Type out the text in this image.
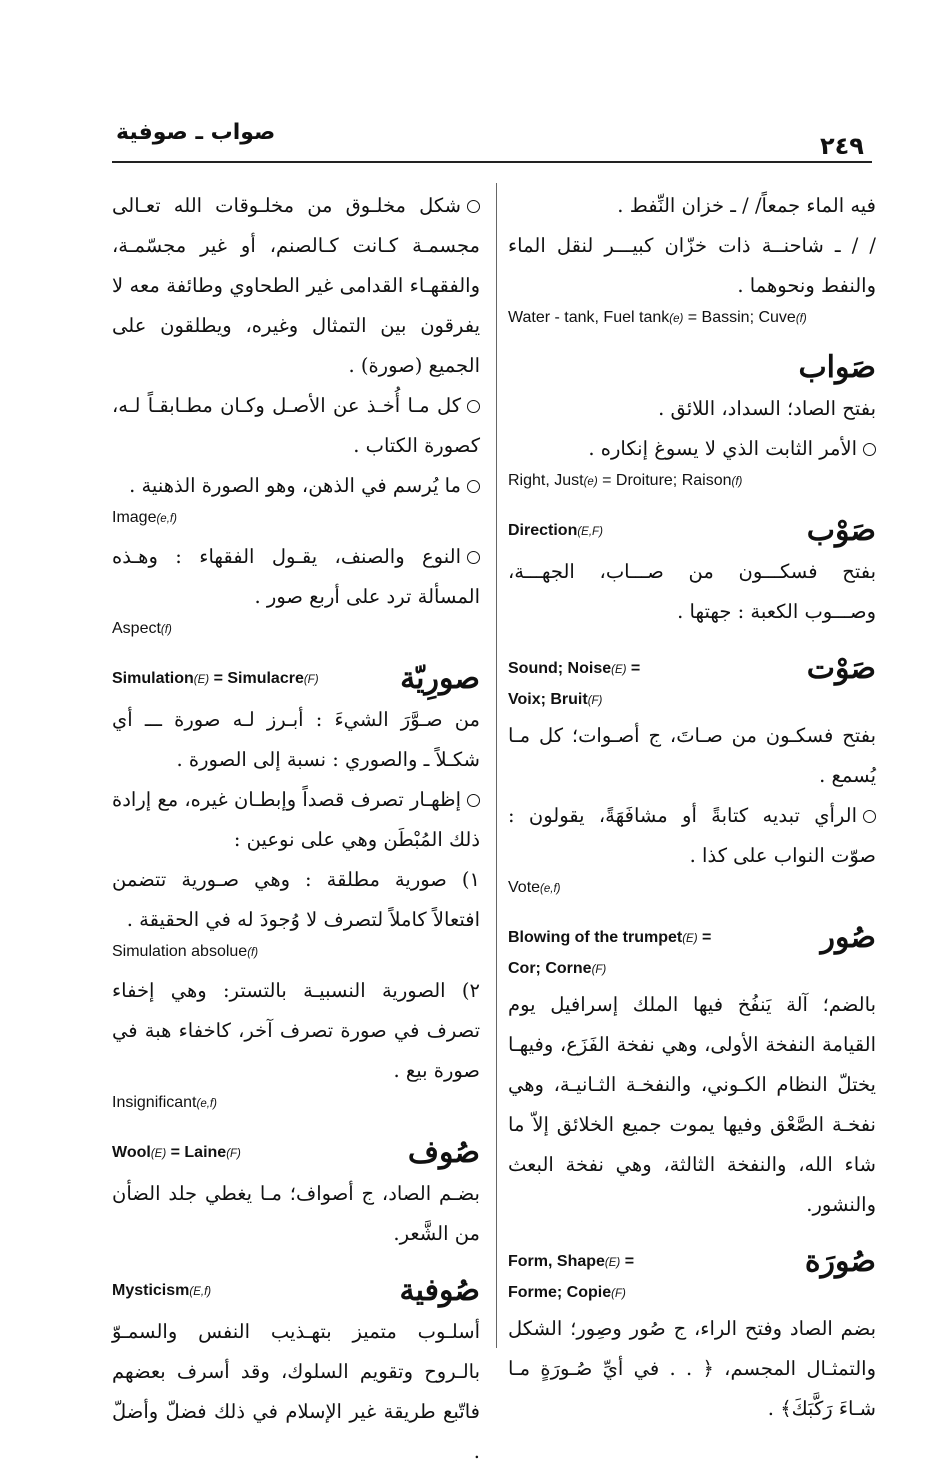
٢٤٩
صواب ـ صوفية

فيه الماء جمعاً/ / ـ خزان النِّفط .

/ / ـ شاحنــة ذات خزّان كبيـــر لنقل الماء والنفط ونحوهما .

Water - tank, Fuel tank(e) = Bassin; Cuve(f)

صَواب

بفتح الصاد؛ السداد، اللائق .

الأمر الثابت الذي لا يسوغ إنكاره .

Right, Just(e) = Droiture; Raison(f)

صَوْب
Direction(E,F)

بفتح فسكـــون من صـــاب، الجهـــة، وصـــوب الكعبة : جهتها .

صَوْت
Sound; Noise(E) =
Voix; Bruit(F)

بفتح فسكـون من صـاتَ، ج أصـوات؛ كل مـا يُسمع .

الرأي تبديه كتابةً أو مشافَهَةً، يقولون : صوّت النواب على كذا .

Vote(e,f)

صُور
Blowing of the trumpet(E) =
Cor; Corne(F)

بالضم؛ آلة يَنفُخ فيها الملك إسرافيل يوم القيامة النفخة الأولى، وهي نفخة الفَزَع، وفيهـا يختلّ النظام الكـوني، والنفخـة الثـانيـة، وهي نفخـة الصَّعْق وفيها يموت جميع الخلائق إلاّ ما شاء الله، والنفخة الثالثة، وهي نفخة البعث والنشور.

صُورَة
Form, Shape(E) =
Forme; Copie(F)

بضم الصاد وفتح الراء، ج صُور وصِور؛ الشكل والتمثـال المجسم، ﴿ . . في أيِّ صُـورَةٍ مـا شـاءَ رَكَّبَكَ﴾ .

شكل مخلـوق من مخلـوقات الله تعـالى مجسمـة كـانت كـالصنم، أو غير مجسّمـة، والفقهـاء القدامى غير الطحاوي وطائفة معه لا يفرقون بين التمثال وغيره، ويطلقون على الجميع (صورة) .

كل مـا أُخـذ عن الأصـل وكـان مطـابقـاً لـه، كصورة الكتاب .

ما يُرسم في الذهن، وهو الصورة الذهنية .

Image(e,f)

النوع والصنف، يقـول الفقهاء : وهـذه المسألة ترد على أربع صور .

Aspect(f)

صورِيّة
Simulation(E) = Simulacre(F)

من صـوَّرَ الشيءَ : أبـرز لـه صورة ـــ أي شكـلاً ـ والصوري : نسبة إلى الصورة .

إظهـار تصرف قصداً وإبطـان غيره، مع إرادة ذلك المُبْطَن وهي على نوعين :

١) صورية مطلقة : وهي صـورية تتضمن افتعالاً كاملاً لتصرف لا وُجودَ له في الحقيقة .

Simulation absolue(f)

٢) الصورية النسبيـة بالتستر: وهي إخفاء تصرف في صورة تصرف آخر، كاخفاء هبة في صورة بيع .

Insignificant(e,f)

صُوف
Wool(E) = Laine(F)

بضـم الصاد، ج أصواف؛ مـا يغطي جلد الضأن من الشَّعر.

صُوفية
Mysticism(E,f)

أسلـوب متميز بتهـذيب النفس والسمـوّ بالـروح وتقويم السلوك، وقد أسرف بعضهم فاتّبع طريقة غير الإسلام في ذلك فضلّ وأضلّ .
